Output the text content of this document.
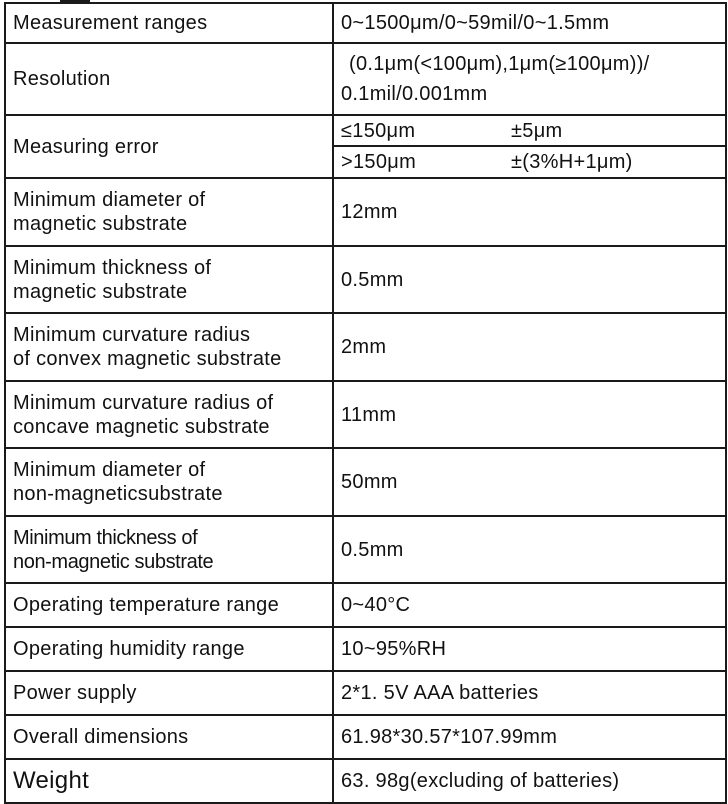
Measurement ranges	0~1500μm/0~59mil/0~1.5mm
Resolution	(0.1μm(<100μm),1μm(≥100μm))/
0.1mil/0.001mm

Measuring error	≤150μm ±5μm
	>150μm ±(3%H+1μm)
Minimum diameter of
magnetic substrate	12mm
Minimum thickness of
magnetic substrate	0.5mm
Minimum curvature radius
of convex magnetic substrate	2mm
Minimum curvature radius of
concave magnetic substrate	11mm
Minimum diameter of
non-magneticsubstrate	50mm
Minimum thickness of
non-magnetic substrate	0.5mm
Operating temperature range	0~40°C
Operating humidity range	10~95%RH
Power supply	2*1. 5V AAA batteries
Overall dimensions	61.98*30.57*107.99mm
Weight	63. 98g(excluding of batteries)
